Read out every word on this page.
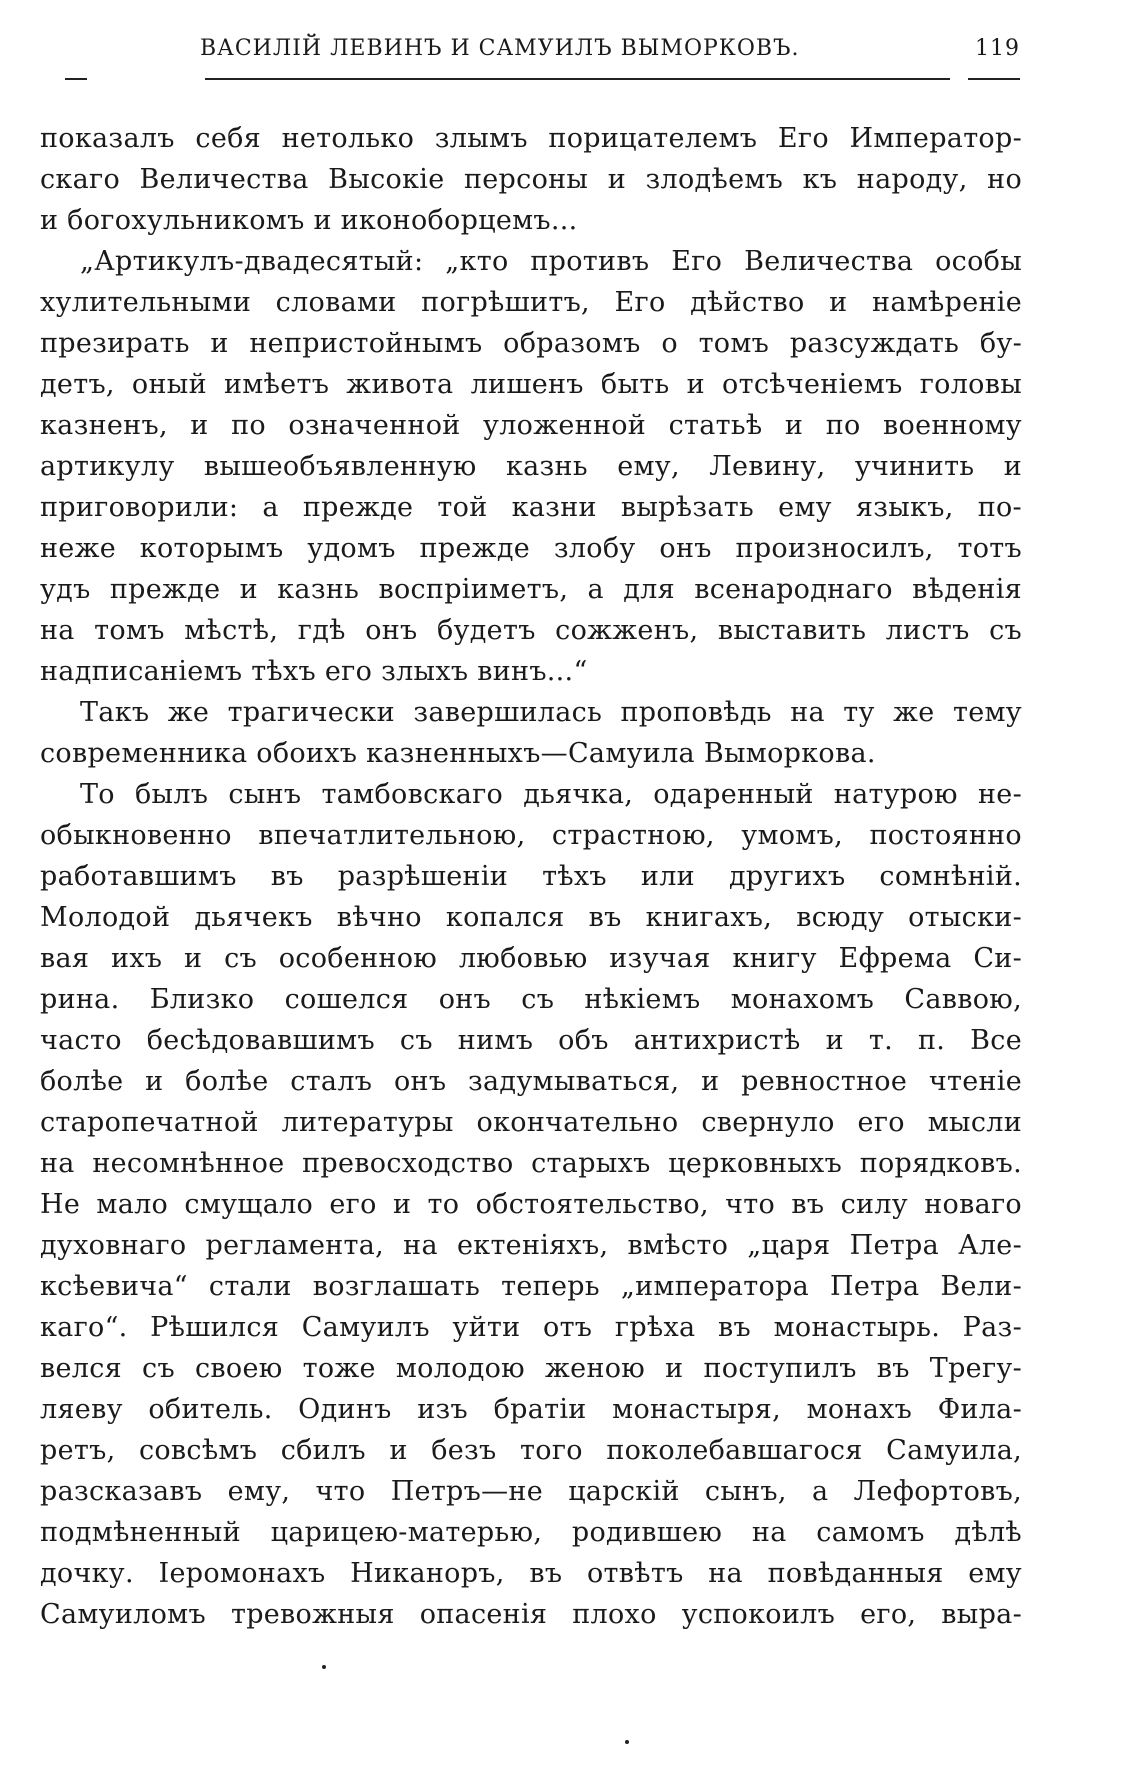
ВАСИЛІЙ ЛЕВИНЪ И САМУИЛЪ ВЫМОРКОВЪ.	119
показалъ себя нетолько злымъ порицателемъ Его Император-
скаго Величества Высокіе персоны и злодѣемъ къ народу, но
и богохульникомъ и иконоборцемъ...
„Артикулъ-двадесятый: „кто противъ Его Величества особы
хулительными словами погрѣшитъ, Его дѣйство и намѣреніе
презирать и непристойнымъ образомъ о томъ разсуждать бу-
детъ, оный имѣетъ живота лишенъ быть и отсѣченіемъ головы
казненъ, и по означенной уложенной статьѣ и по военному
артикулу вышеобъявленную казнь ему, Левину, учинить и
приговорили: а прежде той казни вырѣзать ему языкъ, по-
неже которымъ удомъ прежде злобу онъ произносилъ, тотъ
удъ прежде и казнь воспріиметъ, а для всенароднаго вѣденія
на томъ мѣстѣ, гдѣ онъ будетъ сожженъ, выставить листъ съ
надписаніемъ тѣхъ его злыхъ винъ...“
Такъ же трагически завершилась проповѣдь на ту же тему
современника обоихъ казненныхъ—Самуила Выморкова.
То былъ сынъ тамбовскаго дьячка, одаренный натурою не-
обыкновенно впечатлительною, страстною, умомъ, постоянно
работавшимъ въ разрѣшеніи тѣхъ или другихъ сомнѣній.
Молодой дьячекъ вѣчно копался въ книгахъ, всюду отыски-
вая ихъ и съ особенною любовью изучая книгу Ефрема Си-
рина. Близко сошелся онъ съ нѣкіемъ монахомъ Саввою,
часто бесѣдовавшимъ съ нимъ объ антихристѣ и т. п. Все
болѣе и болѣе сталъ онъ задумываться, и ревностное чтеніе
старопечатной литературы окончательно свернуло его мысли
на несомнѣнное превосходство старыхъ церковныхъ порядковъ.
Не мало смущало его и то обстоятельство, что въ силу новаго
духовнаго регламента, на ектеніяхъ, вмѣсто „царя Петра Але-
ксѣевича“ стали возглашать теперь „императора Петра Вели-
каго“. Рѣшился Самуилъ уйти отъ грѣха въ монастырь. Раз-
велся съ своею тоже молодою женою и поступилъ въ Трегу-
ляеву обитель. Одинъ изъ братіи монастыря, монахъ Фила-
ретъ, совсѣмъ сбилъ и безъ того поколебавшагося Самуила,
разсказавъ ему, что Петръ—не царскій сынъ, а Лефортовъ,
подмѣненный царицею-матерью, родившею на самомъ дѣлѣ
дочку. Іеромонахъ Никаноръ, въ отвѣтъ на повѣданныя ему
Самуиломъ тревожныя опасенія плохо успокоилъ его, выра-
